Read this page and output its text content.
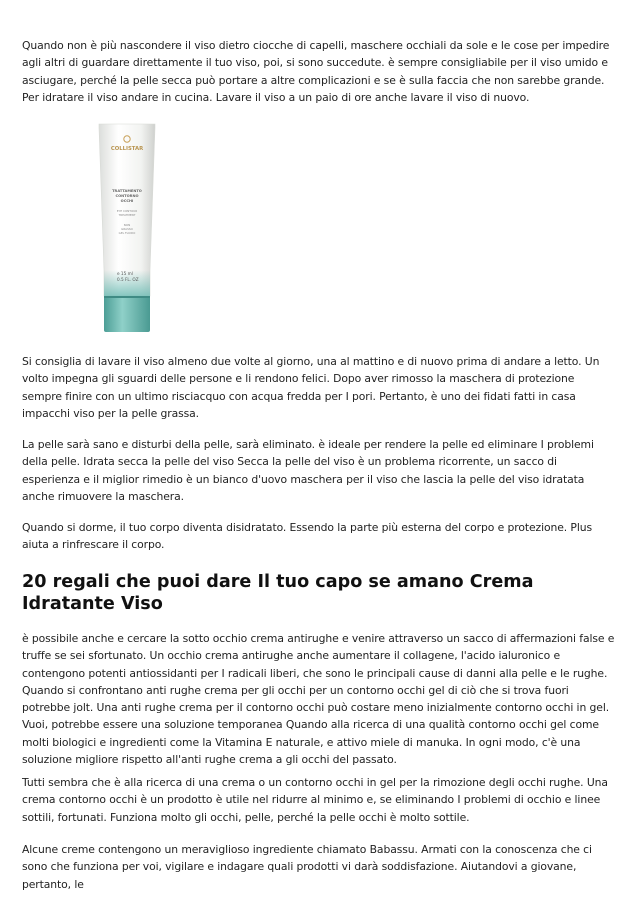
Quando non è più nascondere il viso dietro ciocche di capelli, maschere occhiali da sole e le cose per impedire agli altri di guardare direttamente il tuo viso, poi, si sono succedute. è sempre consigliabile per il viso umido e asciugare, perché la pelle secca può portare a altre complicazioni e se è sulla faccia che non sarebbe grande. Per idratare il viso andare in cucina. Lavare il viso a un paio di ore anche lavare il viso di nuovo.

COLLISTAR
TRATTAMENTO
CONTORNO
OCCHI
EYE CONTOUR
TREATMENT
NON
GRASSO
GEL FLUIDO
e 15 ml
0.5 FL. OZ

Si consiglia di lavare il viso almeno due volte al giorno, una al mattino e di nuovo prima di andare a letto. Un volto impegna gli sguardi delle persone e li rendono felici. Dopo aver rimosso la maschera di protezione sempre finire con un ultimo risciacquo con acqua fredda per I pori. Pertanto, è uno dei fidati fatti in casa impacchi viso per la pelle grassa.

La pelle sarà sano e disturbi della pelle, sarà eliminato. è ideale per rendere la pelle ed eliminare I problemi della pelle. Idrata secca la pelle del viso Secca la pelle del viso è un problema ricorrente, un sacco di esperienza e il miglior rimedio è un bianco d'uovo maschera per il viso che lascia la pelle del viso idratata anche rimuovere la maschera.

Quando si dorme, il tuo corpo diventa disidratato. Essendo la parte più esterna del corpo e protezione. Plus aiuta a rinfrescare il corpo.

20 regali che puoi dare Il tuo capo se amano Crema Idratante Viso

è possibile anche e cercare la sotto occhio crema antirughe e venire attraverso un sacco di affermazioni false e truffe se sei sfortunato. Un occhio crema antirughe anche aumentare il collagene, l'acido ialuronico e contengono potenti antiossidanti per I radicali liberi, che sono le principali cause di danni alla pelle e le rughe. Quando si confrontano anti rughe crema per gli occhi per un contorno occhi gel di ciò che si trova fuori potrebbe jolt. Una anti rughe crema per il contorno occhi può costare meno inizialmente contorno occhi in gel. Vuoi, potrebbe essere una soluzione temporanea Quando alla ricerca di una qualità contorno occhi gel come molti biologici e ingredienti come la Vitamina E naturale, e attivo miele di manuka. In ogni modo, c'è una soluzione migliore rispetto all'anti rughe crema a gli occhi del passato.

Tutti sembra che è alla ricerca di una crema o un contorno occhi in gel per la rimozione degli occhi rughe. Una crema contorno occhi è un prodotto è utile nel ridurre al minimo e, se eliminando I problemi di occhio e linee sottili, fortunati. Funziona molto gli occhi, pelle, perché la pelle occhi è molto sottile.

Alcune creme contengono un meraviglioso ingrediente chiamato Babassu. Armati con la conoscenza che ci sono che funziona per voi, vigilare e indagare quali prodotti vi darà soddisfazione. Aiutandovi a giovane, pertanto, le
